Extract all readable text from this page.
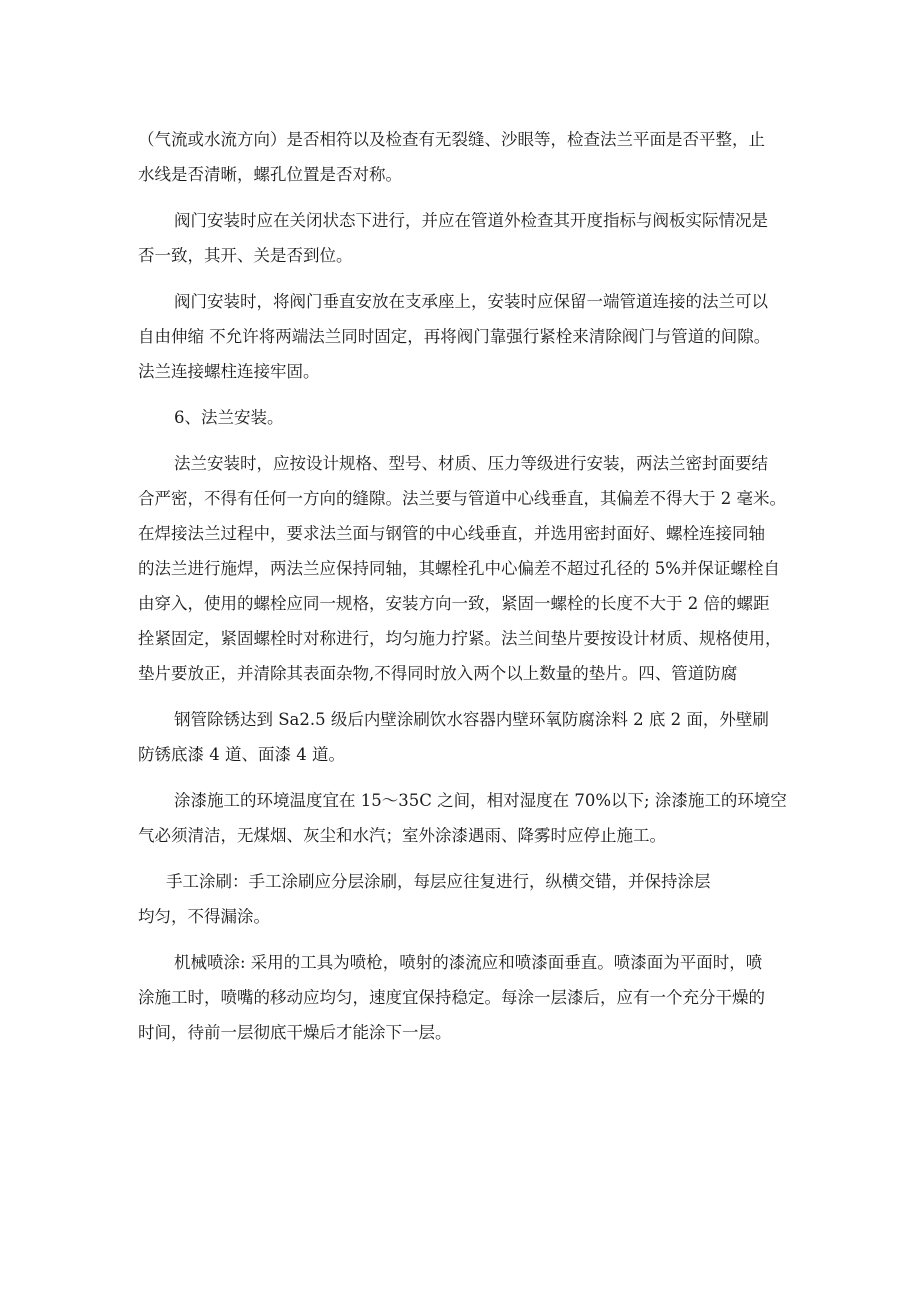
（气流或水流方向）是否相符以及检查有无裂缝、沙眼等，检查法兰平面是否平整，止
水线是否清晰，螺孔位置是否对称。

阀门安装时应在关闭状态下进行，并应在管道外检查其开度指标与阀板实际情况是
否一致，其开、关是否到位。

阀门安装时，将阀门垂直安放在支承座上，安装时应保留一端管道连接的法兰可以
自由伸缩 不允许将两端法兰同时固定，再将阀门靠强行紧栓来清除阀门与管道的间隙。
法兰连接螺柱连接牢固。

6、法兰安装。

法兰安装时，应按设计规格、型号、材质、压力等级进行安装，两法兰密封面要结
合严密，不得有任何一方向的缝隙。法兰要与管道中心线垂直，其偏差不得大于 2 毫米。
在焊接法兰过程中，要求法兰面与钢管的中心线垂直，并选用密封面好、螺栓连接同轴
的法兰进行施焊，两法兰应保持同轴，其螺栓孔中心偏差不超过孔径的 5%并保证螺栓自
由穿入，使用的螺栓应同一规格，安装方向一致，紧固一螺栓的长度不大于 2 倍的螺距
拴紧固定，紧固螺栓时对称进行，均匀施力拧紧。法兰间垫片要按设计材质、规格使用，
垫片要放正，并清除其表面杂物,不得同时放入两个以上数量的垫片。四、管道防腐

钢管除锈达到 Sa2.5 级后内壁涂刷饮水容器内壁环氧防腐涂料 2 底 2 面，外壁刷
防锈底漆 4 道、面漆 4 道。

涂漆施工的环境温度宜在 15～35C 之间，相对湿度在 70%以下; 涂漆施工的环境空
气必须清洁，无煤烟、灰尘和水汽；室外涂漆遇雨、降雾时应停止施工。

手工涂刷：手工涂刷应分层涂刷，每层应往复进行，纵横交错，并保持涂层
均匀，不得漏涂。

机械喷涂: 采用的工具为喷枪，喷射的漆流应和喷漆面垂直。喷漆面为平面时，喷
涂施工时，喷嘴的移动应均匀，速度宜保持稳定。每涂一层漆后，应有一个充分干燥的
时间，待前一层彻底干燥后才能涂下一层。
